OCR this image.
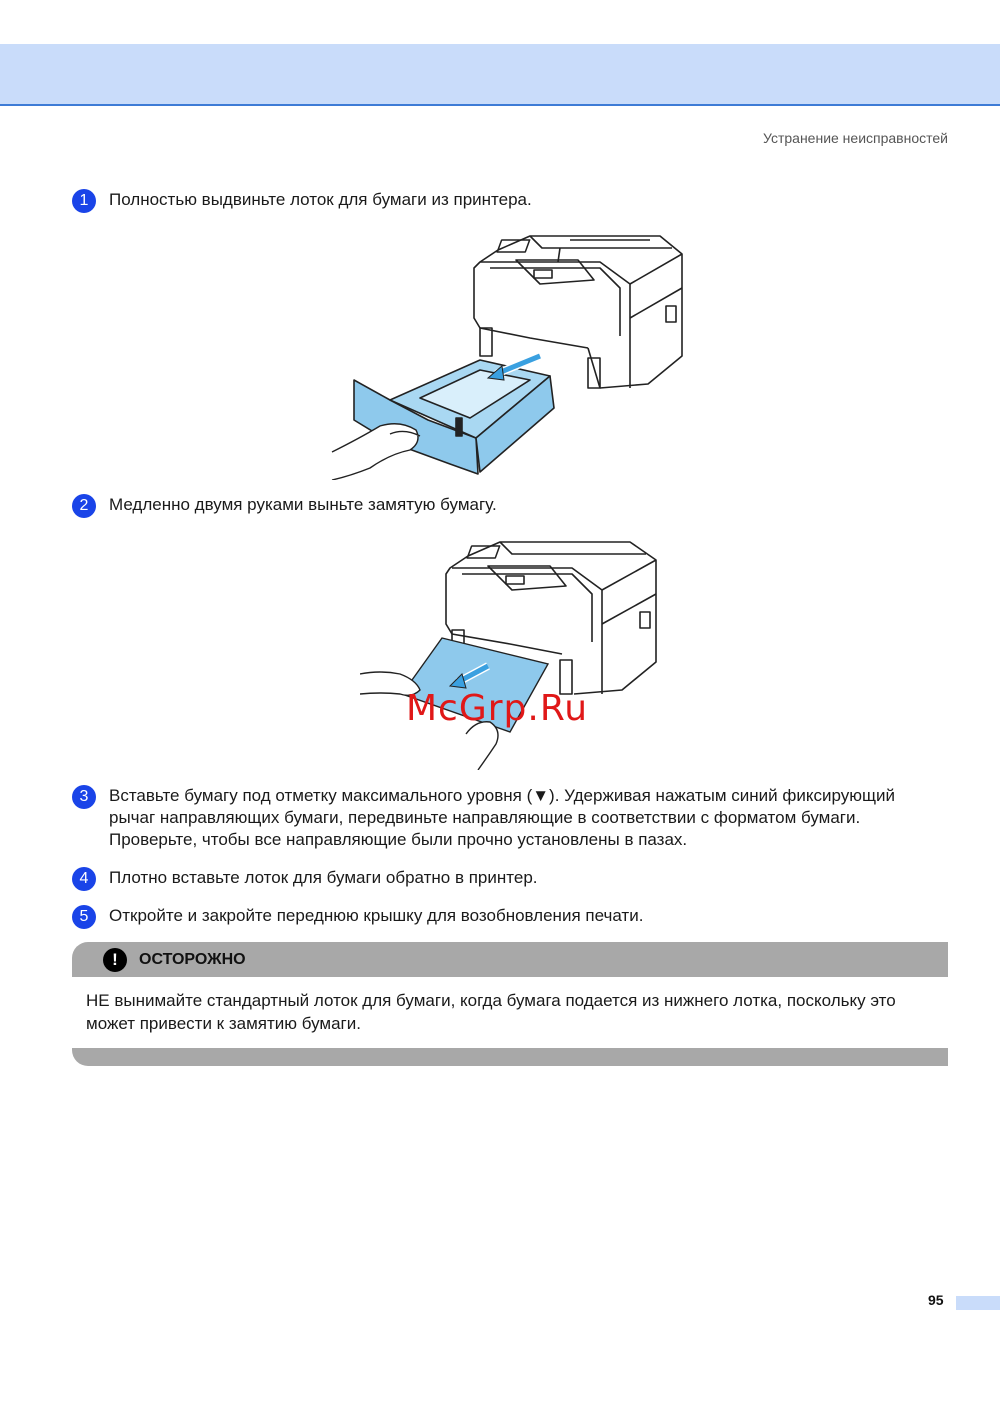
Устранение неисправностей
1	Полностью выдвиньте лоток для бумаги из принтера.
2	Медленно двумя руками выньте замятую бумагу.
McGrp.Ru
3	Вставьте бумагу под отметку максимального уровня (▼). Удерживая нажатым синий фиксирующий рычаг направляющих бумаги, передвиньте направляющие в соответствии с форматом бумаги. Проверьте, чтобы все направляющие были прочно установлены в пазах.
4	Плотно вставьте лоток для бумаги обратно в принтер.
5	Откройте и закройте переднюю крышку для возобновления печати.
!	ОСТОРОЖНО
НЕ вынимайте стандартный лоток для бумаги, когда бумага подается из нижнего лотка, поскольку это может привести к замятию бумаги.
95
